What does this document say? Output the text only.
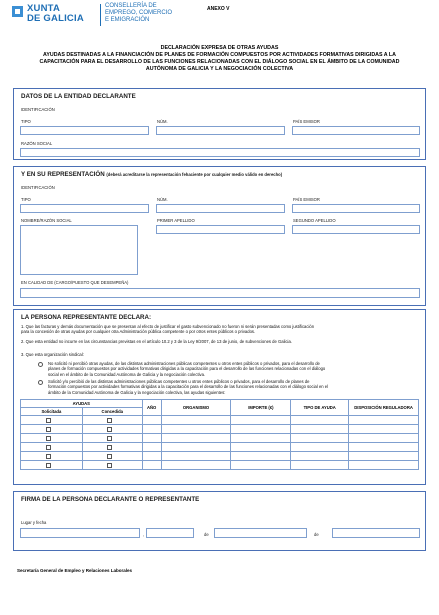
XUNTA
DE GALICIA
CONSELLERÍA DE
EMPREGO, COMERCIO
E EMIGRACIÓN
ANEXO V
DECLARACIÓN EXPRESA DE OTRAS AYUDAS
AYUDAS DESTINADAS A LA FINANCIACIÓN DE PLANES DE FORMACIÓN COMPUESTOS POR ACTIVIDADES FORMATIVAS DIRIGIDAS A LA
CAPACITACIÓN PARA EL DESARROLLO DE LAS FUNCIONES RELACIONADAS CON EL DIÁLOGO SOCIAL EN EL ÁMBITO DE LA COMUNIDAD
AUTÓNOMA DE GALICIA Y LA NEGOCIACIÓN COLECTIVA
DATOS DE LA ENTIDAD DECLARANTE
IDENTIFICACIÓN
TIPO	NÚM.	PAÍS EMISOR
RAZÓN SOCIAL
Y EN SU REPRESENTACIÓN (deberá acreditarse la representación fehaciente por cualquier medio válido en derecho)
IDENTIFICACIÓN
TIPO	NÚM.	PAÍS EMISOR
NOMBRE/RAZÓN SOCIAL	PRIMER APELLIDO	SEGUNDO APELLIDO
EN CALIDAD DE (CARGO/PUESTO QUE DESEMPEÑA)
LA PERSONA REPRESENTANTE DECLARA:
1. Que las facturas y demás documentación que se presentan al efecto de justificar el gasto subvencionado no fueron ni serán presentadas como justificación
para la concesión de otras ayudas por cualquier otra Administración pública competente o por otros entes públicos o privados.
2. Que esta entidad no incurre en las circunstancias previstas en el artículo 10.2 y 3 de la Ley 9/2007, de 13 de junio, de subvenciones de Galicia.
3. Que esta organización sindical:
No solicitó ni percibió otras ayudas, de las distintas administraciones públicas competentes u otros entes públicos o privados, para el desarrollo de
planes de formación compuestos por actividades formativas dirigidas a la capacitación para el desarrollo de las funciones relacionadas con el diálogo
social en el ámbito de la Comunidad Autónoma de Galicia y la negociación colectiva.
Solicitó y/o percibió de las distintas administraciones públicas competentes u otros entes públicos o privados, para el desarrollo de planes de
formación compuestos por actividades formativas dirigidas a la capacitación para el desarrollo de las funciones relacionadas con el diálogo social en el
ámbito de la Comunidad Autónoma de Galicia y la negociación colectiva, las ayudas siguientes:
AYUDAS		AÑO	ORGANISMO	IMPORTE (€)	TIPO DE AYUDA	DISPOSICIÓN REGULADORA
Solicitada	Concedida					

FIRMA DE LA PERSONA DECLARANTE O REPRESENTANTE
Lugar y fecha
,	de	de
Secretaría General de Empleo y Relaciones Laborales
